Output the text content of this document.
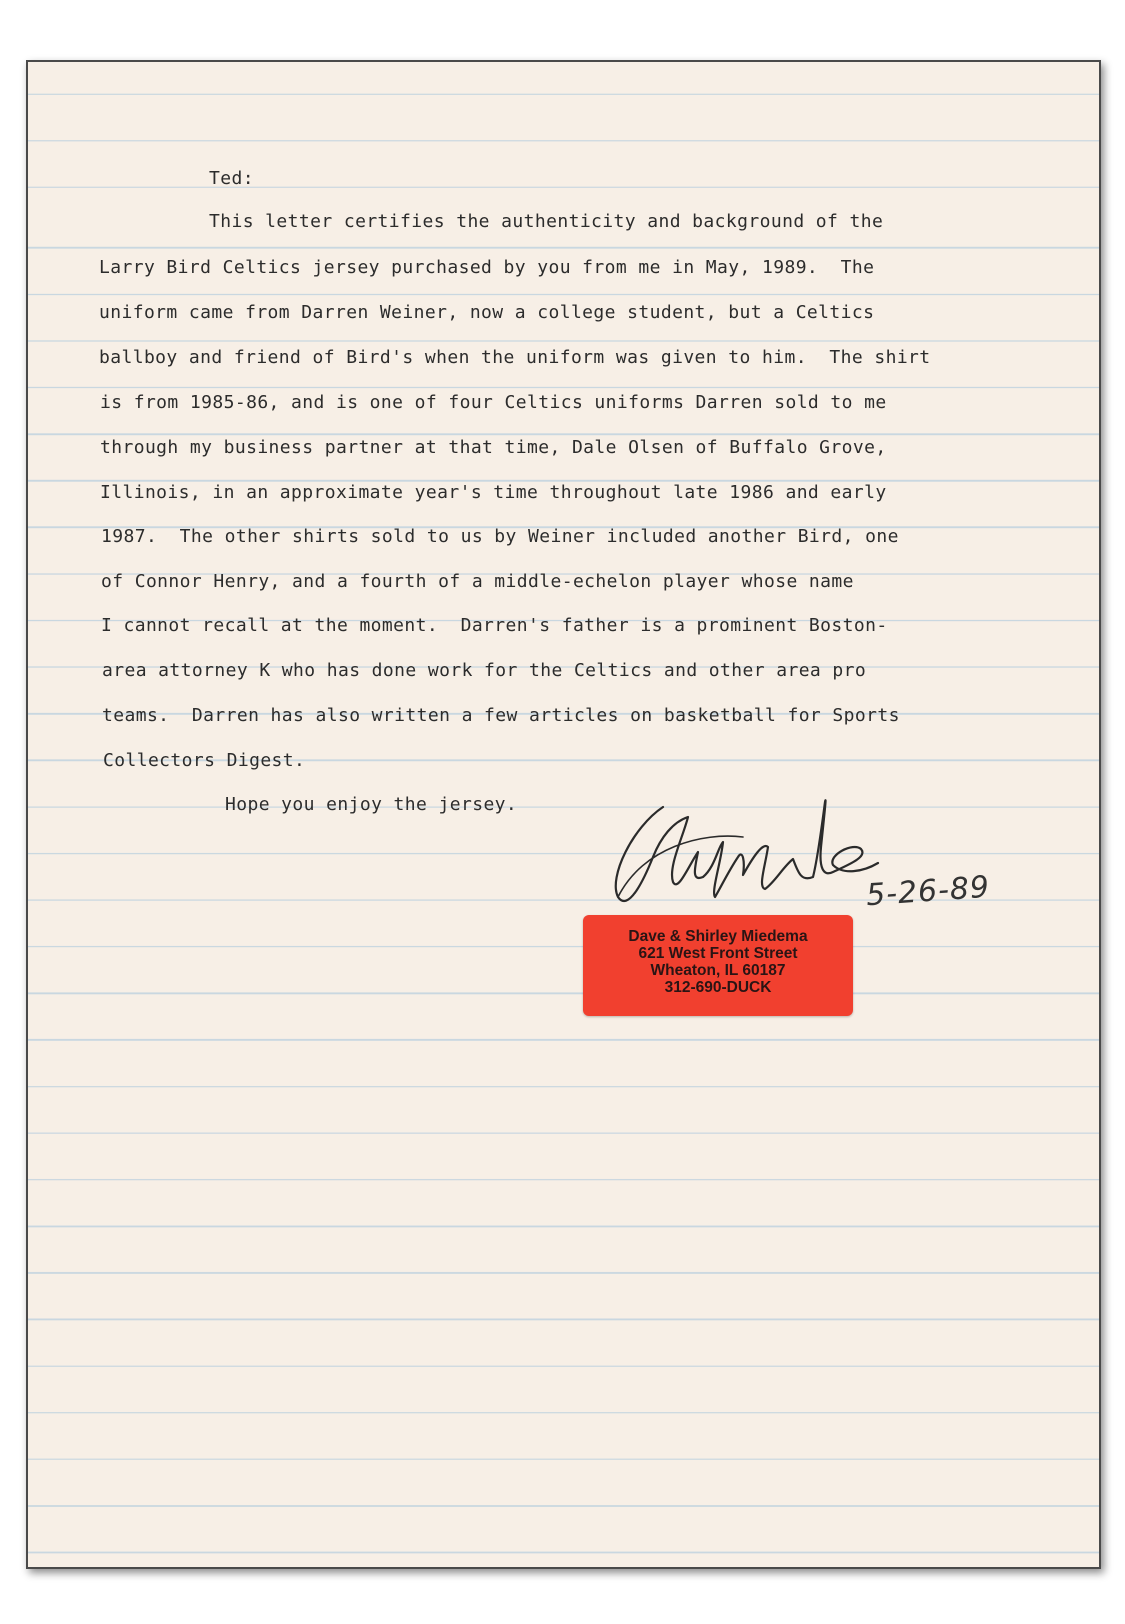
Ted:
This letter certifies the authenticity and background of the
Larry Bird Celtics jersey purchased by you from me in May, 1989.  The
uniform came from Darren Weiner, now a college student, but a Celtics
ballboy and friend of Bird's when the uniform was given to him.  The shirt
is from 1985-86, and is one of four Celtics uniforms Darren sold to me
through my business partner at that time, Dale Olsen of Buffalo Grove,
Illinois, in an approximate year's time throughout late 1986 and early
1987.  The other shirts sold to us by Weiner included another Bird, one
of Connor Henry, and a fourth of a middle-echelon player whose name
I cannot recall at the moment.  Darren's father is a prominent Boston-
area attorney K who has done work for the Celtics and other area pro
teams.  Darren has also written a few articles on basketball for Sports
Collectors Digest.
Hope you enjoy the jersey.
5-26-89
Dave & Shirley Miedema
621 West Front Street
Wheaton, IL 60187
312-690-DUCK
